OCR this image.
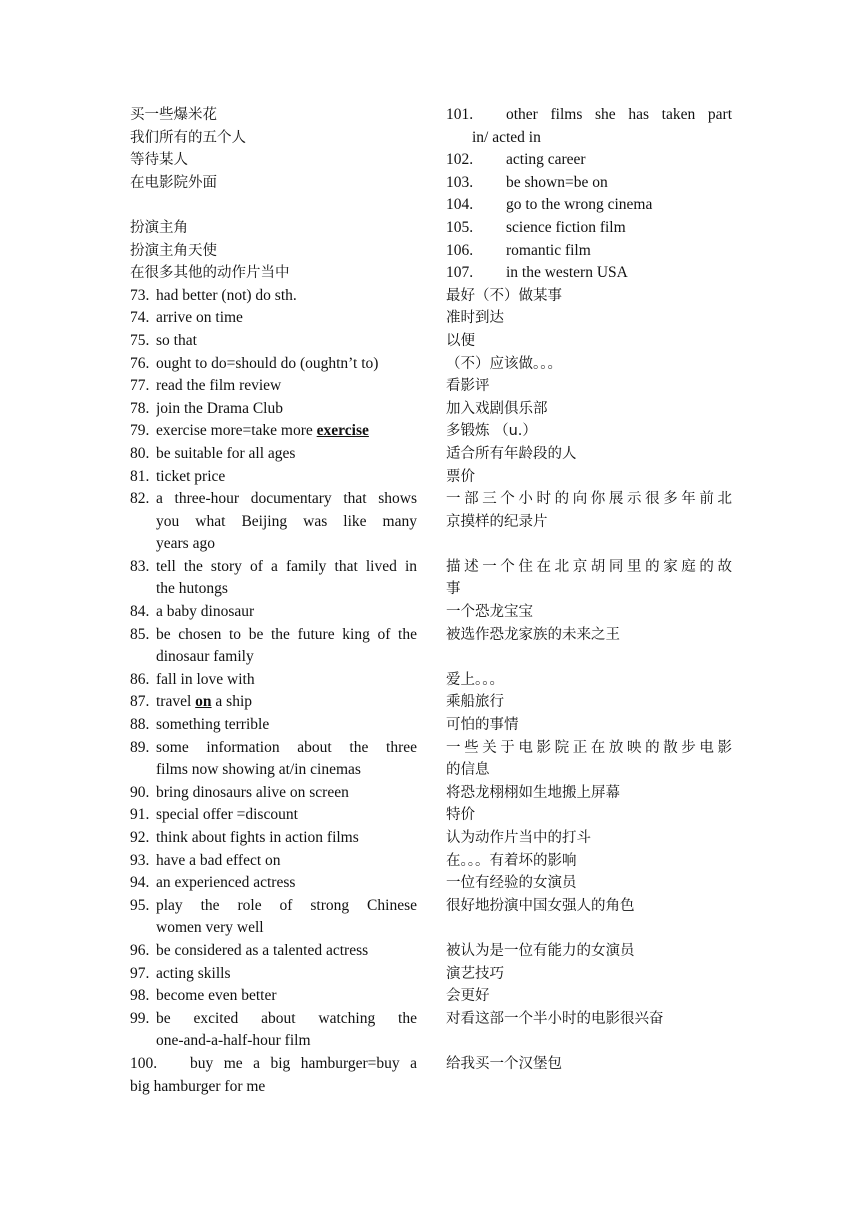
买一些爆米花
我们所有的五个人
等待某人
在电影院外面
扮演主角
扮演主角天使
在很多其他的动作片当中
73. had better (not) do sth.
74. arrive on time
75. so that
76. ought to do=should do (oughtn’t to)
77. read the film review
78. join the Drama Club
79. exercise more=take more exercise
80. be suitable for all ages
81. ticket price
82. a three-hour documentary that shows
you what Beijing was like many
years ago
83. tell the story of a family that lived in
the hutongs
84. a baby dinosaur
85. be chosen to be the future king of the
dinosaur family
86. fall in love with
87. travel on a ship
88. something terrible
89. some information about the three
films now showing at/in cinemas
90. bring dinosaurs alive on screen
91. special offer =discount
92. think about fights in action films
93. have a bad effect on
94. an experienced actress
95. play the role of strong Chinese
women very well
96. be considered as a talented actress
97. acting skills
98. become even better
99. be excited about watching the
one-and-a-half-hour film
100.	buy me a big hamburger=buy a
big hamburger for me
101.	other films she has taken part
in/ acted in
102.	acting career
103.	be shown=be on
104.	go to the wrong cinema
105.	science fiction film
106.	romantic film
107.	in the western USA
最好（不）做某事
准时到达
以便
（不）应该做。。。
看影评
加入戏剧俱乐部
多锻炼 （u.）
适合所有年龄段的人
票价
一部三个小时的向你展示很多年前北
京摸样的纪录片
描述一个住在北京胡同里的家庭的故
事
一个恐龙宝宝
被选作恐龙家族的未来之王
爱上。。。
乘船旅行
可怕的事情
一些关于电影院正在放映的散步电影
的信息
将恐龙栩栩如生地搬上屏幕
特价
认为动作片当中的打斗
在。。。有着坏的影响
一位有经验的女演员
很好地扮演中国女强人的角色
被认为是一位有能力的女演员
演艺技巧
会更好
对看这部一个半小时的电影很兴奋
给我买一个汉堡包
